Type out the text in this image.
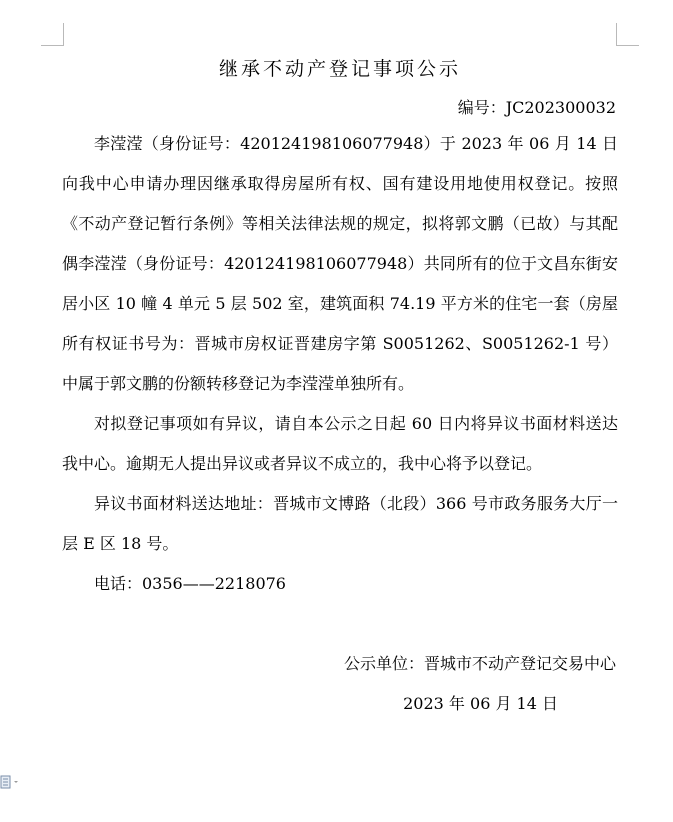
继承不动产登记事项公示
编号：JC202300032

李滢滢（身份证号：420124198106077948）于 2023 年 06 月 14 日向我中心申请办理因继承取得房屋所有权、国有建设用地使用权登记。按照《不动产登记暂行条例》等相关法律法规的规定，拟将郭文鹏（已故）与其配偶李滢滢（身份证号：420124198106077948）共同所有的位于文昌东街安居小区 10 幢 4 单元 5 层 502 室，建筑面积 74.19 平方米的住宅一套（房屋所有权证书号为：晋城市房权证晋建房字第 S0051262、S0051262-1 号）中属于郭文鹏的份额转移登记为李滢滢单独所有。

对拟登记事项如有异议，请自本公示之日起 60 日内将异议书面材料送达我中心。逾期无人提出异议或者异议不成立的，我中心将予以登记。

异议书面材料送达地址：晋城市文博路（北段）366 号市政务服务大厅一层 E 区 18 号。

电话：0356——2218076

公示单位：晋城市不动产登记交易中心
2023 年 06 月 14 日
